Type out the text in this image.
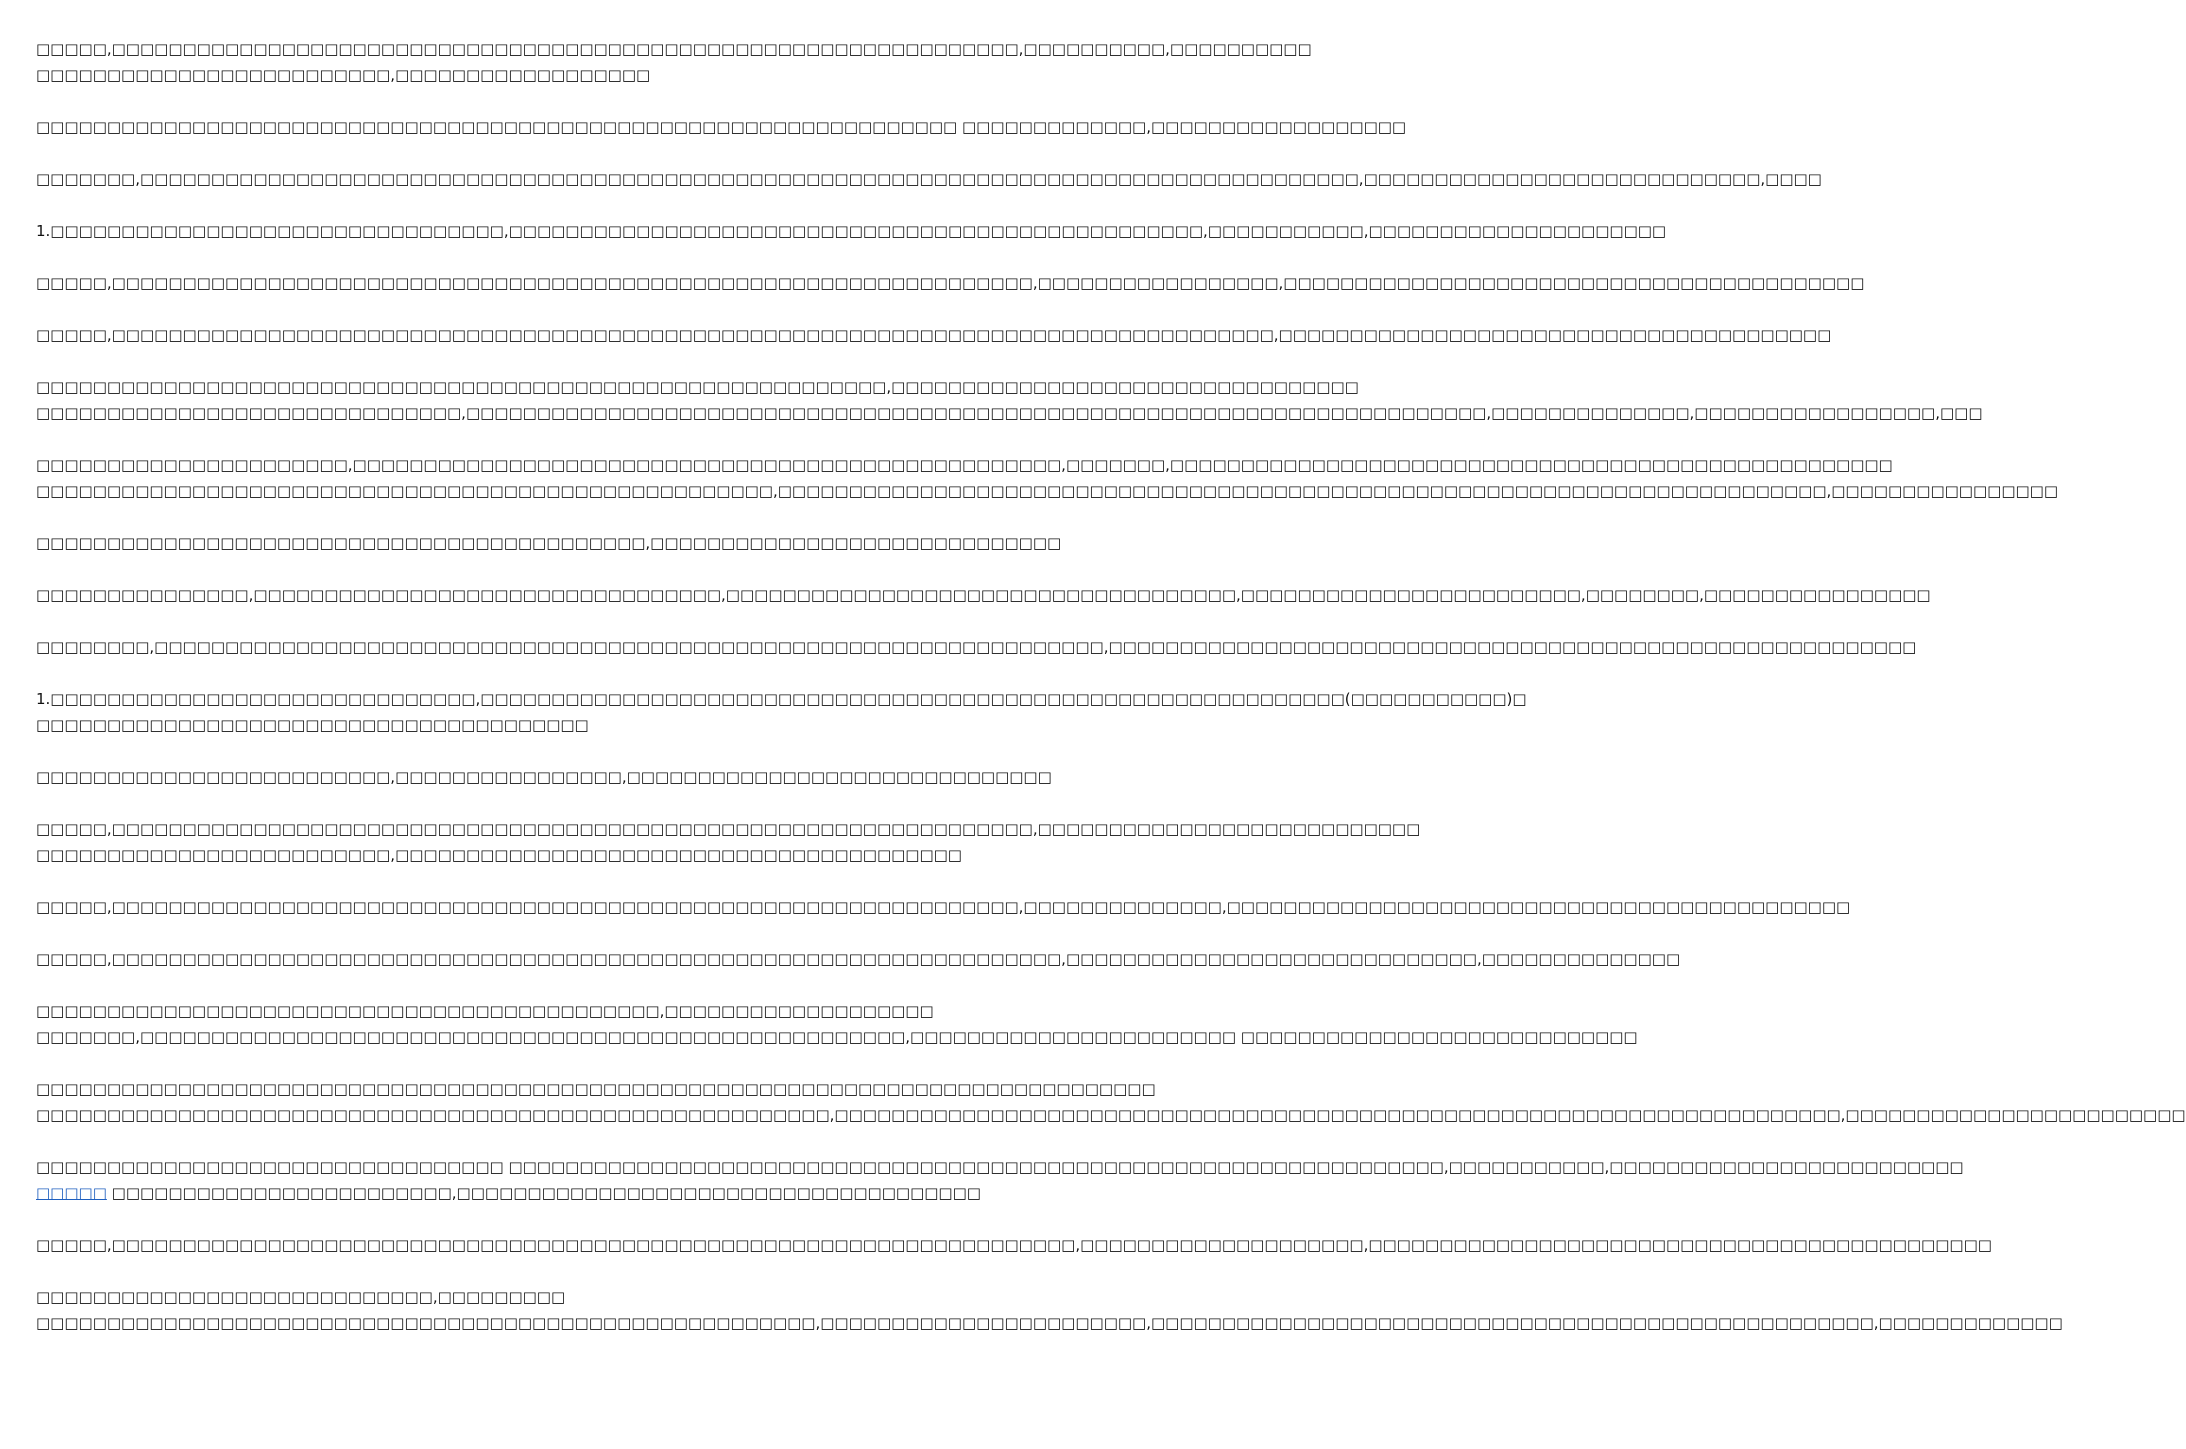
□□□□□,□□□□□□□□□□□□□□□□□□□□□□□□□□□□□□□□□□□□□□□□□□□□□□□□□□□□□□□□□□□□□□□□,□□□□□□□□□□,□□□□□□□□□□
□□□□□□□□□□□□□□□□□□□□□□□□□,□□□□□□□□□□□□□□□□□□
□□□□□□□□□□□□□□□□□□□□□□□□□□□□□□□□□□□□□□□□□□□□□□□□□□□□□□□□□□□□□□□□□ □□□□□□□□□□□□□,□□□□□□□□□□□□□□□□□□
□□□□□□□,□□□□□□□□□□□□□□□□□□□□□□□□□□□□□□□□□□□□□□□□□□□□□□□□□□□□□□□□□□□□□□□□□□□□□□□□□□□□□□□□□□□□□□,□□□□□□□□□□□□□□□□□□□□□□□□□□□□,□□□□
1.□□□□□□□□□□□□□□□□□□□□□□□□□□□□□□□□,□□□□□□□□□□□□□□□□□□□□□□□□□□□□□□□□□□□□□□□□□□□□□□□□□,□□□□□□□□□□□,□□□□□□□□□□□□□□□□□□□□□
□□□□□,□□□□□□□□□□□□□□□□□□□□□□□□□□□□□□□□□□□□□□□□□□□□□□□□□□□□□□□□□□□□□□□□□,□□□□□□□□□□□□□□□□□,□□□□□□□□□□□□□□□□□□□□□□□□□□□□□□□□□□□□□□□□□
□□□□□,□□□□□□□□□□□□□□□□□□□□□□□□□□□□□□□□□□□□□□□□□□□□□□□□□□□□□□□□□□□□□□□□□□□□□□□□□□□□□□□□□□,□□□□□□□□□□□□□□□□□□□□□□□□□□□□□□□□□□□□□□□
□□□□□□□□□□□□□□□□□□□□□□□□□□□□□□□□□□□□□□□□□□□□□□□□□□□□□□□□□□□□,□□□□□□□□□□□□□□□□□□□□□□□□□□□□□□□□□
□□□□□□□□□□□□□□□□□□□□□□□□□□□□□□,□□□□□□□□□□□□□□□□□□□□□□□□□□□□□□□□□□□□□□□□□□□□□□□□□□□□□□□□□□□□□□□□□□□□□□□□,□□□□□□□□□□□□□□,□□□□□□□□□□□□□□□□□,□□□
□□□□□□□□□□□□□□□□□□□□□□,□□□□□□□□□□□□□□□□□□□□□□□□□□□□□□□□□□□□□□□□□□□□□□□□□□,□□□□□□□,□□□□□□□□□□□□□□□□□□□□□□□□□□□□□□□□□□□□□□□□□□□□□□□□□□□
□□□□□□□□□□□□□□□□□□□□□□□□□□□□□□□□□□□□□□□□□□□□□□□□□□□□,□□□□□□□□□□□□□□□□□□□□□□□□□□□□□□□□□□□□□□□□□□□□□□□□□□□□□□□□□□□□□□□□□□□□□□□□□□,□□□□□□□□□□□□□□□□
□□□□□□□□□□□□□□□□□□□□□□□□□□□□□□□□□□□□□□□□□□□,□□□□□□□□□□□□□□□□□□□□□□□□□□□□□
□□□□□□□□□□□□□□□,□□□□□□□□□□□□□□□□□□□□□□□□□□□□□□□□□,□□□□□□□□□□□□□□□□□□□□□□□□□□□□□□□□□□□□,□□□□□□□□□□□□□□□□□□□□□□□□,□□□□□□□□,□□□□□□□□□□□□□□□□
□□□□□□□□,□□□□□□□□□□□□□□□□□□□□□□□□□□□□□□□□□□□□□□□□□□□□□□□□□□□□□□□□□□□□□□□□□□□,□□□□□□□□□□□□□□□□□□□□□□□□□□□□□□□□□□□□□□□□□□□□□□□□□□□□□□□□□
1.□□□□□□□□□□□□□□□□□□□□□□□□□□□□□□,□□□□□□□□□□□□□□□□□□□□□□□□□□□□□□□□□□□□□□□□□□□□□□□□□□□□□□□□□□□□□(□□□□□□□□□□□)□
□□□□□□□□□□□□□□□□□□□□□□□□□□□□□□□□□□□□□□□
□□□□□□□□□□□□□□□□□□□□□□□□□,□□□□□□□□□□□□□□□□,□□□□□□□□□□□□□□□□□□□□□□□□□□□□□□
□□□□□,□□□□□□□□□□□□□□□□□□□□□□□□□□□□□□□□□□□□□□□□□□□□□□□□□□□□□□□□□□□□□□□□□,□□□□□□□□□□□□□□□□□□□□□□□□□□□
□□□□□□□□□□□□□□□□□□□□□□□□□,□□□□□□□□□□□□□□□□□□□□□□□□□□□□□□□□□□□□□□□□
□□□□□,□□□□□□□□□□□□□□□□□□□□□□□□□□□□□□□□□□□□□□□□□□□□□□□□□□□□□□□□□□□□□□□□,□□□□□□□□□□□□□□,□□□□□□□□□□□□□□□□□□□□□□□□□□□□□□□□□□□□□□□□□□□□
□□□□□,□□□□□□□□□□□□□□□□□□□□□□□□□□□□□□□□□□□□□□□□□□□□□□□□□□□□□□□□□□□□□□□□□□□,□□□□□□□□□□□□□□□□□□□□□□□□□□□□□,□□□□□□□□□□□□□□
□□□□□□□□□□□□□□□□□□□□□□□□□□□□□□□□□□□□□□□□□□□□,□□□□□□□□□□□□□□□□□□□
□□□□□□□,□□□□□□□□□□□□□□□□□□□□□□□□□□□□□□□□□□□□□□□□□□□□□□□□□□□□□□,□□□□□□□□□□□□□□□□□□□□□□□ □□□□□□□□□□□□□□□□□□□□□□□□□□□□
□□□□□□□□□□□□□□□□□□□□□□□□□□□□□□□□□□□□□□□□□□□□□□□□□□□□□□□□□□□□□□□□□□□□□□□□□□□□□□□
□□□□□□□□□□□□□□□□□□□□□□□□□□□□□□□□□□□□□□□□□□□□□□□□□□□□□□□□,□□□□□□□□□□□□□□□□□□□□□□□□□□□□□□□□□□□□□□□□□□□□□□□□□□□□□□□□□□□□□□□□□□□□□□□,□□□□□□□□□□□□□□□□□□□□□□□□
□□□□□□□□□□□□□□□□□□□□□□□□□□□□□□□□□ □□□□□□□□□□□□□□□□□□□□□□□□□□□□□□□□□□□□□□□□□□□□□□□□□□□□□□□□□□□□□□□□□□,□□□□□□□□□□□,□□□□□□□□□□□□□□□□□□□□□□□□□
□□□□□ □□□□□□□□□□□□□□□□□□□□□□□□,□□□□□□□□□□□□□□□□□□□□□□□□□□□□□□□□□□□□□
□□□□□,□□□□□□□□□□□□□□□□□□□□□□□□□□□□□□□□□□□□□□□□□□□□□□□□□□□□□□□□□□□□□□□□□□□□,□□□□□□□□□□□□□□□□□□□□,□□□□□□□□□□□□□□□□□□□□□□□□□□□□□□□□□□□□□□□□□□□□
□□□□□□□□□□□□□□□□□□□□□□□□□□□□,□□□□□□□□□
□□□□□□□□□□□□□□□□□□□□□□□□□□□□□□□□□□□□□□□□□□□□□□□□□□□□□□□,□□□□□□□□□□□□□□□□□□□□□□□,□□□□□□□□□□□□□□□□□□□□□□□□□□□□□□□□□□□□□□□□□□□□□□□□□□□,□□□□□□□□□□□□□
